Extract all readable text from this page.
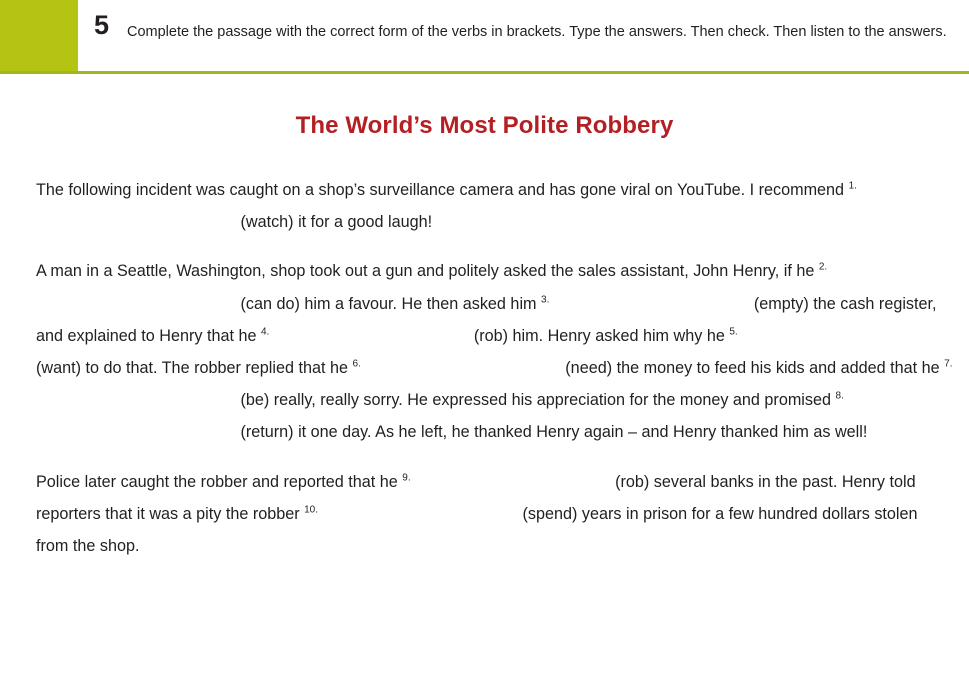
5 Complete the passage with the correct form of the verbs in brackets. Type the answers. Then check. Then listen to the answers.
The World’s Most Polite Robbery

The following incident was caught on a shop’s surveillance camera and has gone viral on YouTube. I recommend $^{1.}$ (watch) it for a good laugh!

A man in a Seattle, Washington, shop took out a gun and politely asked the sales assistant, John Henry, if he $^{2.}$ (can do) him a favour. He then asked him $^{3.}$	(empty) the cash register, and explained to Henry that he $^{4.}$	(rob) him. Henry asked him why he $^{5.}$ (want) to do that. The robber replied that he $^{6.}$	(need) the money to feed his kids and added that he $^{7.}$ (be) really, really sorry. He expressed his appreciation for the money and promised $^{8.}$ (return) it one day. As he left, he thanked Henry again – and Henry thanked him as well!

Police later caught the robber and reported that he $^{9.}$	(rob) several banks in the past. Henry told reporters that it was a pity the robber $^{10.}$	(spend) years in prison for a few hundred dollars stolen from the shop.
